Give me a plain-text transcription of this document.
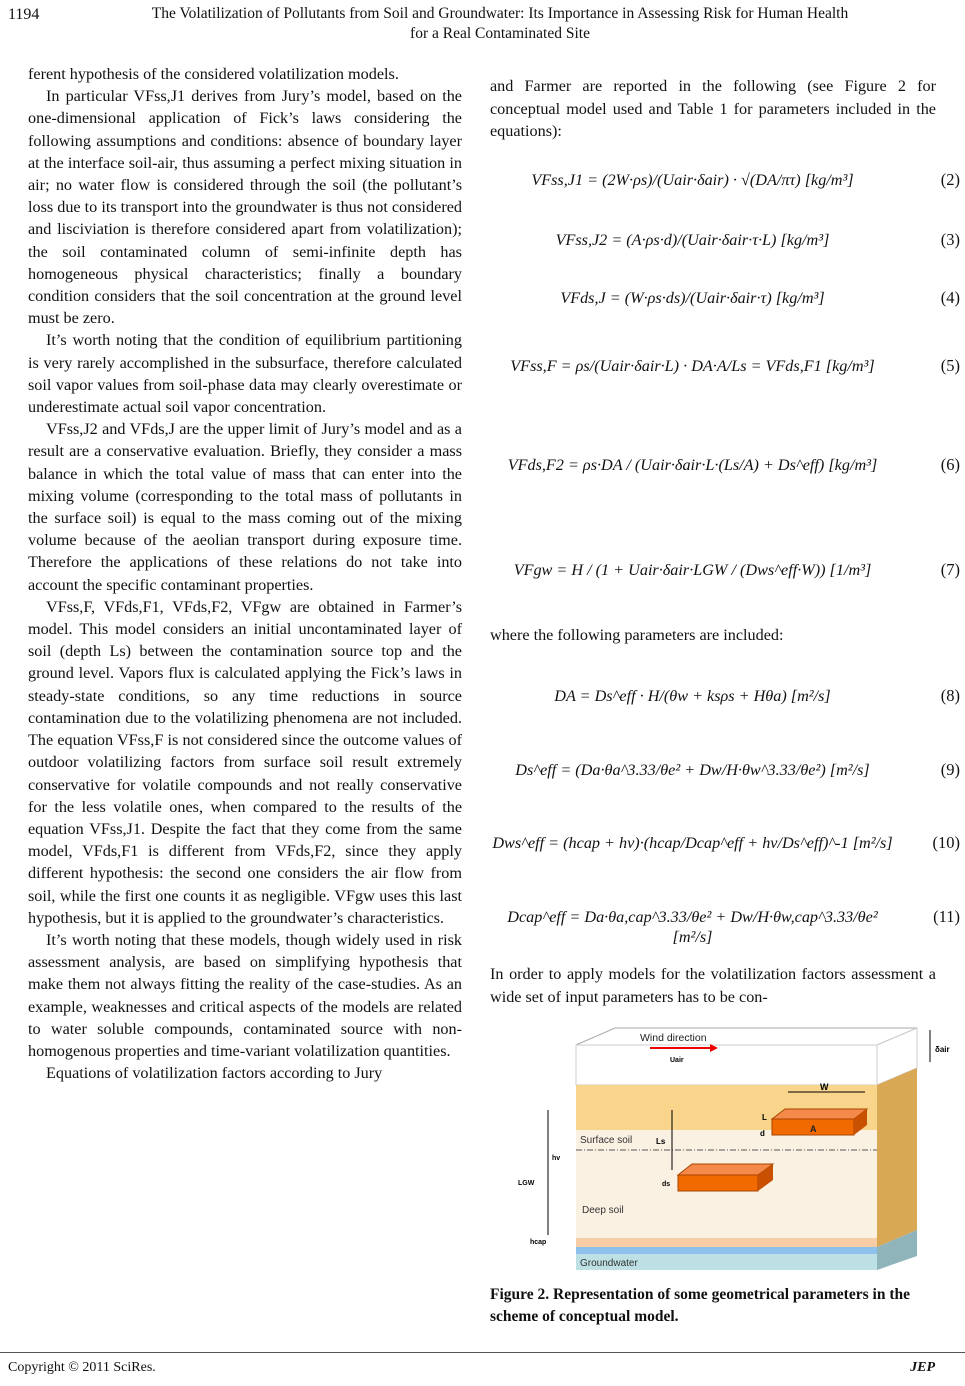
1194	The Volatilization of Pollutants from Soil and Groundwater: Its Importance in Assessing Risk for Human Health for a Real Contaminated Site

ferent hypothesis of the considered volatilization models.

In particular VFss,J1 derives from Jury’s model, based on the one-dimensional application of Fick’s laws considering the following assumptions and conditions: absence of boundary layer at the interface soil-air, thus assuming a perfect mixing situation in air; no water flow is considered through the soil (the pollutant’s loss due to its transport into the groundwater is thus not considered and lisciviation is therefore considered apart from volatilization); the soil contaminated column of semi-infinite depth has homogeneous physical characteristics; finally a boundary condition considers that the soil concentration at the ground level must be zero.

It’s worth noting that the condition of equilibrium partitioning is very rarely accomplished in the subsurface, therefore calculated soil vapor values from soil-phase data may clearly overestimate or underestimate actual soil vapor concentration.

VFss,J2 and VFds,J are the upper limit of Jury’s model and as a result are a conservative evaluation. Briefly, they consider a mass balance in which the total value of mass that can enter into the mixing volume (corresponding to the total mass of pollutants in the surface soil) is equal to the mass coming out of the mixing volume because of the aeolian transport during exposure time. Therefore the applications of these relations do not take into account the specific contaminant properties.

VFss,F, VFds,F1, VFds,F2, VFgw are obtained in Farmer’s model. This model considers an initial uncontaminated layer of soil (depth Ls) between the contamination source top and the ground level. Vapors flux is calculated applying the Fick’s laws in steady-state conditions, so any time reductions in source contamination due to the volatilizing phenomena are not included. The equation VFss,F is not considered since the outcome values of outdoor volatilizing factors from surface soil result extremely conservative for volatile compounds and not really conservative for the less volatile ones, when compared to the results of the equation VFss,J1. Despite the fact that they come from the same model, VFds,F1 is different from VFds,F2, since they apply different hypothesis: the second one considers the air flow from soil, while the first one counts it as negligible. VFgw uses this last hypothesis, but it is applied to the groundwater’s characteristics.

It’s worth noting that these models, though widely used in risk assessment analysis, are based on simplifying hypothesis that make them not always fitting the reality of the case-studies. As an example, weaknesses and critical aspects of the models are related to water soluble compounds, contaminated source with non-homogenous properties and time-variant volatilization quantities.

Equations of volatilization factors according to Jury

and Farmer are reported in the following (see Figure 2 for conceptual model used and Table 1 for parameters included in the equations):
VFss,J1 = (2W·ρs)/(Uair·δair) · √(DA/πτ) [kg/m³]	(2)
VFss,J2 = (A·ρs·d)/(Uair·δair·τ·L) [kg/m³]	(3)
VFds,J = (W·ρs·ds)/(Uair·δair·τ) [kg/m³]	(4)
VFss,F = ρs/(Uair·δair·L) · DA·A/Ls = VFds,F1 [kg/m³]	(5)
VFds,F2 = ρs·DA / (Uair·δair·L·(Ls/A) + Ds^eff) [kg/m³]	(6)
VFgw = H / (1 + Uair·δair·LGW / (Dws^eff·W)) [1/m³]	(7)
where the following parameters are included:
DA = Ds^eff · H/(θw + ksρs + Hθa) [m²/s]	(8)
Ds^eff = (Da·θa^3.33/θe² + Dw/H·θw^3.33/θe²) [m²/s]	(9)
Dws^eff = (hcap + hv)·(hcap/Dcap^eff + hv/Ds^eff)^-1 [m²/s]	(10)
Dcap^eff = Da·θa,cap^3.33/θe² + Dw/H·θw,cap^3.33/θe² [m²/s]
(11)
In order to apply models for the volatilization factors assessment a wide set of input parameters has to be con-
Wind direction
Uair
δair
W
A
L
d
Ls
ds
Surface soil
Deep soil
Groundwater
LGW
hv
hcap
Figure 2. Representation of some geometrical parameters in the scheme of conceptual model.
Copyright © 2011 SciRes.	JEP
